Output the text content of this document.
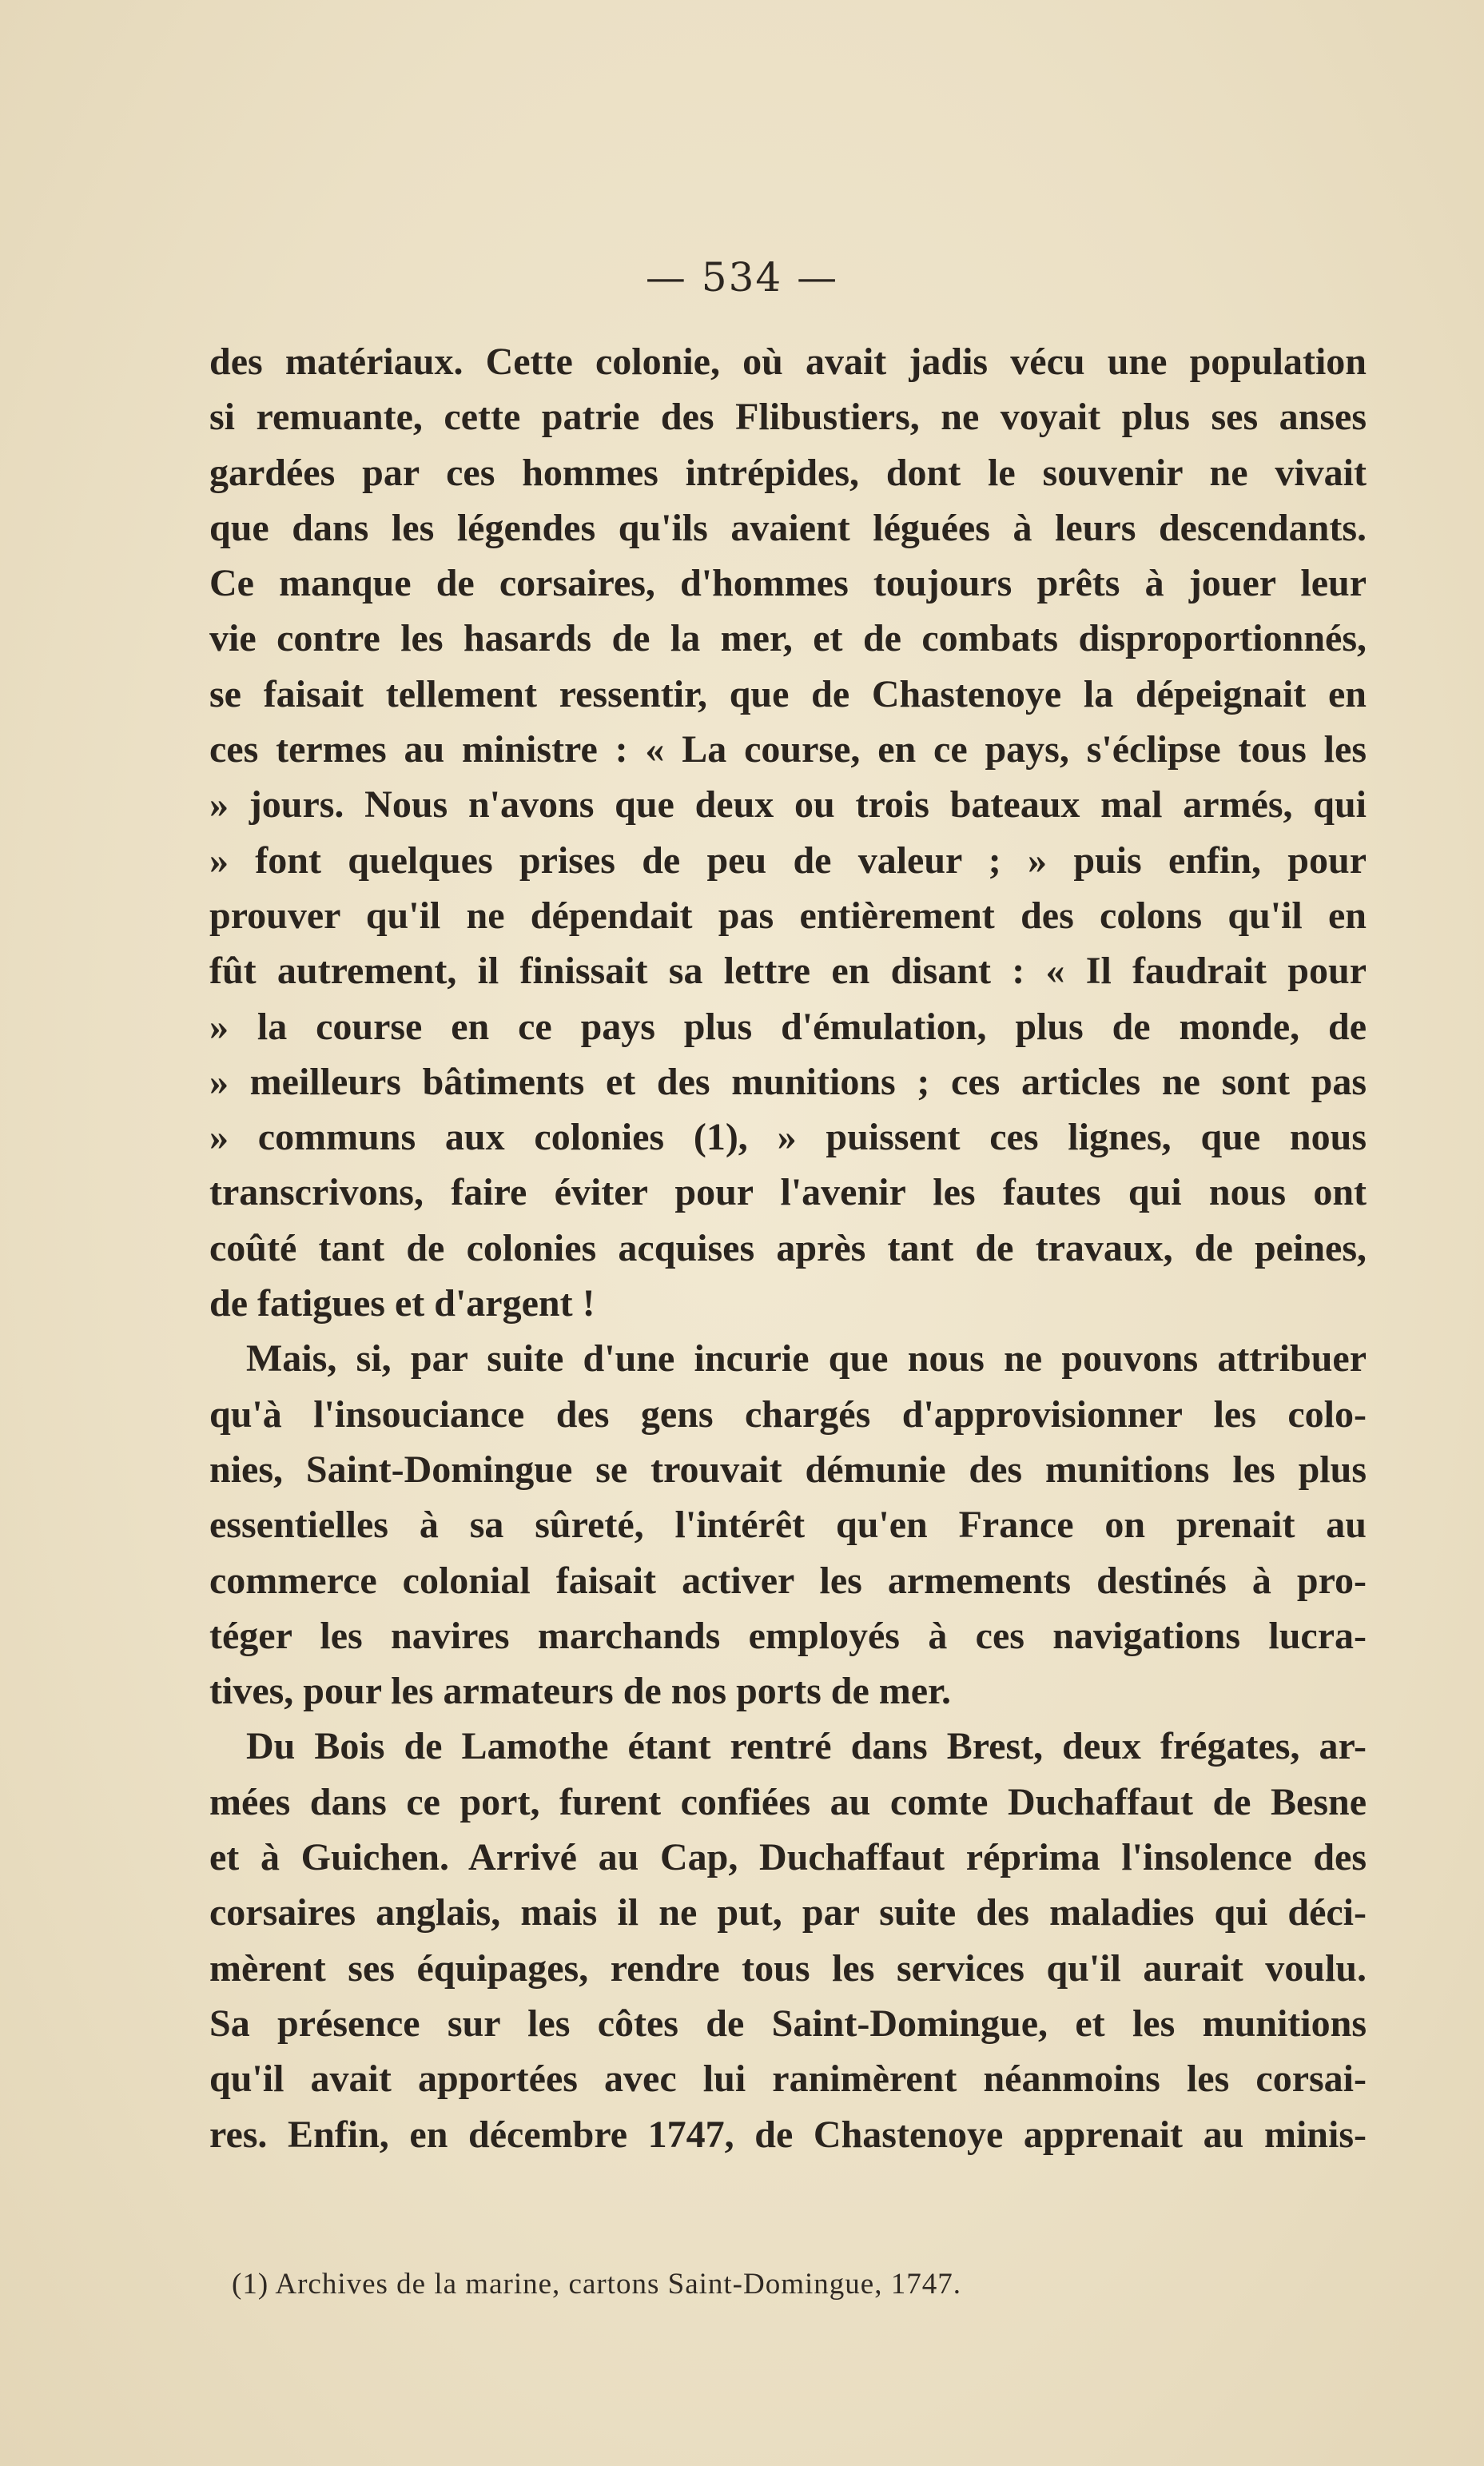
— 534 —
des matériaux. Cette colonie, où avait jadis vécu une population
si remuante, cette patrie des Flibustiers, ne voyait plus ses anses
gardées par ces hommes intrépides, dont le souvenir ne vivait
que dans les légendes qu'ils avaient léguées à leurs descendants.
Ce manque de corsaires, d'hommes toujours prêts à jouer leur
vie contre les hasards de la mer, et de combats disproportionnés,
se faisait tellement ressentir, que de Chastenoye la dépeignait en
ces termes au ministre : « La course, en ce pays, s'éclipse tous les
» jours. Nous n'avons que deux ou trois bateaux mal armés, qui
» font quelques prises de peu de valeur ; » puis enfin, pour
prouver qu'il ne dépendait pas entièrement des colons qu'il en
fût autrement, il finissait sa lettre en disant : « Il faudrait pour
» la course en ce pays plus d'émulation, plus de monde, de
» meilleurs bâtiments et des munitions ; ces articles ne sont pas
» communs aux colonies (1), » puissent ces lignes, que nous
transcrivons, faire éviter pour l'avenir les fautes qui nous ont
coûté tant de colonies acquises après tant de travaux, de peines,
de fatigues et d'argent !
Mais, si, par suite d'une incurie que nous ne pouvons attribuer
qu'à l'insouciance des gens chargés d'approvisionner les colo-
nies, Saint-Domingue se trouvait démunie des munitions les plus
essentielles à sa sûreté, l'intérêt qu'en France on prenait au
commerce colonial faisait activer les armements destinés à pro-
téger les navires marchands employés à ces navigations lucra-
tives, pour les armateurs de nos ports de mer.
Du Bois de Lamothe étant rentré dans Brest, deux frégates, ar-
mées dans ce port, furent confiées au comte Duchaffaut de Besne
et à Guichen. Arrivé au Cap, Duchaffaut réprima l'insolence des
corsaires anglais, mais il ne put, par suite des maladies qui déci-
mèrent ses équipages, rendre tous les services qu'il aurait voulu.
Sa présence sur les côtes de Saint-Domingue, et les munitions
qu'il avait apportées avec lui ranimèrent néanmoins les corsai-
res. Enfin, en décembre 1747, de Chastenoye apprenait au minis-
(1) Archives de la marine, cartons Saint-Domingue, 1747.
